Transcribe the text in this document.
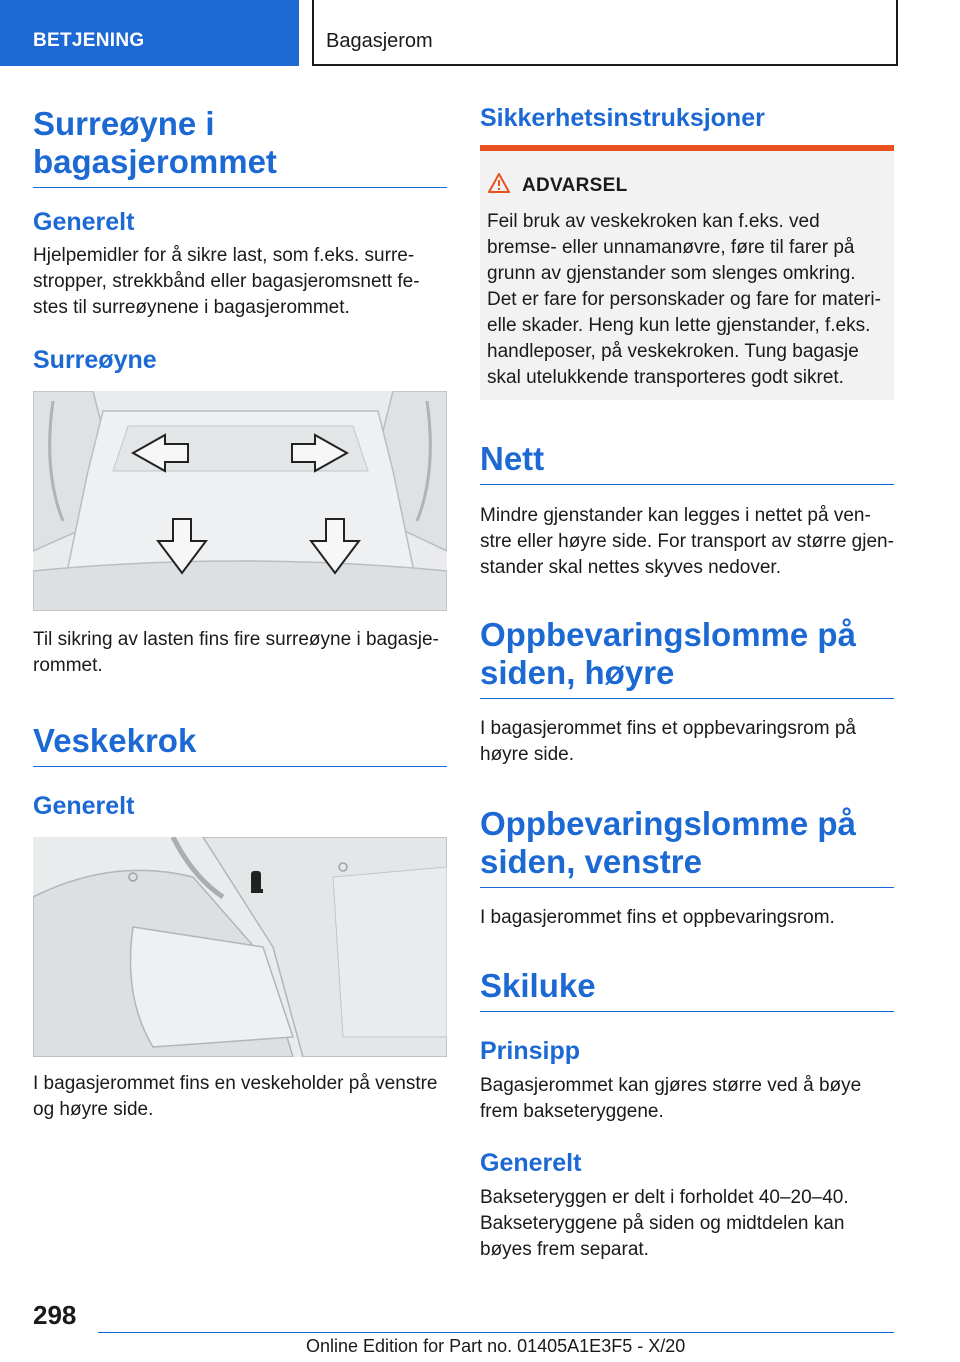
BETJENING	Bagasjerom
Surreøyne i bagasjerommet
Generelt

Hjelpemidler for å sikre last, som f.eks. surrestropper, strekkbånd eller bagasjeromsnett festes til surreøynene i bagasjerommet.

Surreøyne

Til sikring av lasten fins fire surreøyne i bagasjerommet.

Veskekrok
Generelt

I bagasjerommet fins en veskeholder på venstre og høyre side.

Sikkerhetsinstruksjoner
ADVARSEL

Feil bruk av veskekroken kan f.eks. ved bremse- eller unnamanøvre, føre til farer på grunn av gjenstander som slenges omkring. Det er fare for personskader og fare for materielle skader. Heng kun lette gjenstander, f.eks. handleposer, på veskekroken. Tung bagasje skal utelukkende transporteres godt sikret.

Nett

Mindre gjenstander kan legges i nettet på venstre eller høyre side. For transport av større gjenstander skal nettes skyves nedover.

Oppbevaringslomme på siden, høyre

I bagasjerommet fins et oppbevaringsrom på høyre side.

Oppbevaringslomme på siden, venstre

I bagasjerommet fins et oppbevaringsrom.

Skiluke
Prinsipp

Bagasjerommet kan gjøres større ved å bøye frem bakseteryggene.

Generelt

Bakseteryggen er delt i forholdet 40–20–40. Bakseteryggene på siden og midtdelen kan bøyes frem separat.

298
Online Edition for Part no. 01405A1E3F5 - X/20
